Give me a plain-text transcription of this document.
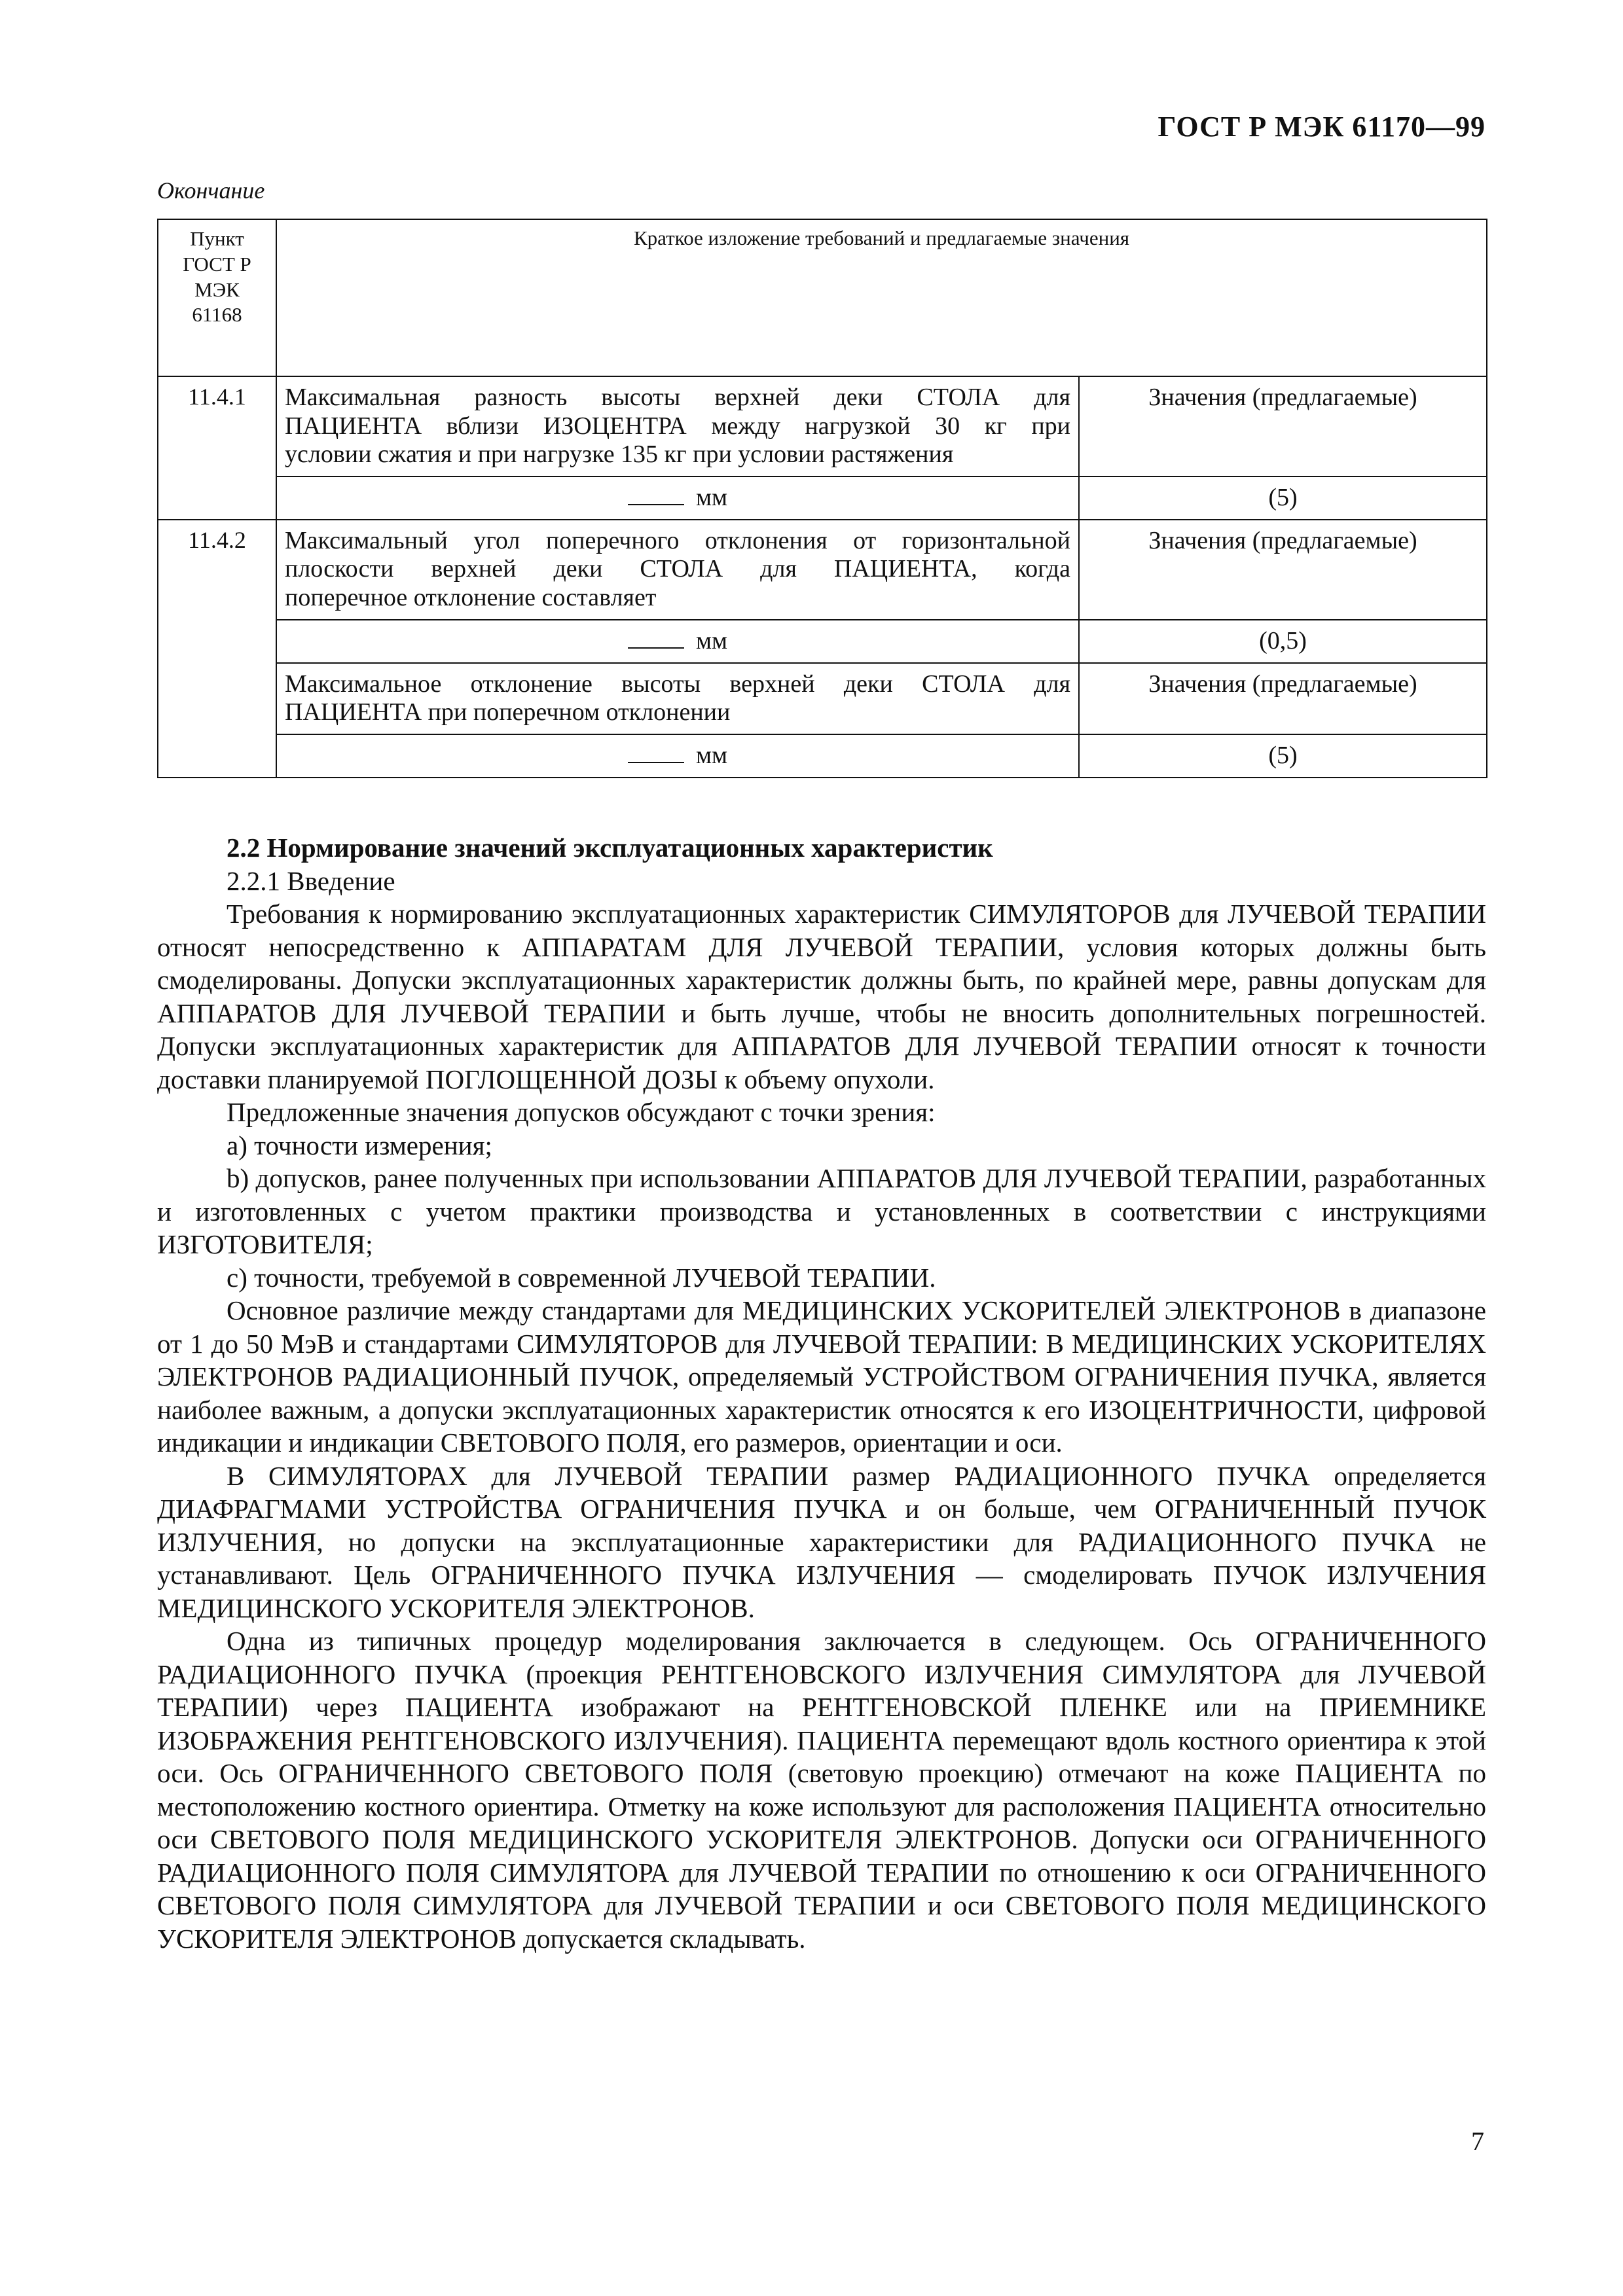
ГОСТ Р МЭК 61170—99
Окончание
Пункт
ГОСТ Р
МЭК
61168	Краткое изложение требований и предлагаемые значения	
11.4.1	Максимальная разность высоты верхней деки СТОЛА для
ПАЦИЕНТА вблизи ИЗОЦЕНТРА между нагрузкой 30 кг при
условии сжатия и при нагрузке 135 кг при условии растяжения	Значения (предлагаемые)
	мм	(5)
11.4.2	Максимальный угол поперечного отклонения от горизонтальной
плоскости верхней деки СТОЛА для ПАЦИЕНТА, когда
поперечное отклонение составляет	Значения (предлагаемые)
	мм	(0,5)

	Максимальное отклонение высоты верхней деки СТОЛА для
ПАЦИЕНТА при поперечном отклонении	Значения (предлагаемые)
	мм	(5)

2.2 Нормирование значений эксплуатационных характеристик

2.2.1 Введение

Требования к нормированию эксплуатационных характеристик СИМУЛЯТОРОВ для ЛУЧЕВОЙ ТЕРАПИИ относят непосредственно к АППАРАТАМ ДЛЯ ЛУЧЕВОЙ ТЕРАПИИ, условия которых должны быть смоделированы. Допуски эксплуатационных характеристик должны быть, по крайней мере, равны допускам для АППАРАТОВ ДЛЯ ЛУЧЕВОЙ ТЕРАПИИ и быть лучше, чтобы не вносить дополнительных погрешностей. Допуски эксплуатационных характеристик для АППАРАТОВ ДЛЯ ЛУЧЕВОЙ ТЕРАПИИ относят к точности доставки планируемой ПОГЛОЩЕННОЙ ДОЗЫ к объему опухоли.

Предложенные значения допусков обсуждают с точки зрения:

a) точности измерения;

b) допусков, ранее полученных при использовании АППАРАТОВ ДЛЯ ЛУЧЕВОЙ ТЕРАПИИ, разработанных и изготовленных с учетом практики производства и установленных в соответствии с инструкциями ИЗГОТОВИТЕЛЯ;

c) точности, требуемой в современной ЛУЧЕВОЙ ТЕРАПИИ.

Основное различие между стандартами для МЕДИЦИНСКИХ УСКОРИТЕЛЕЙ ЭЛЕКТРОНОВ в диапазоне от 1 до 50 МэВ и стандартами СИМУЛЯТОРОВ для ЛУЧЕВОЙ ТЕРАПИИ: В МЕДИЦИНСКИХ УСКОРИТЕЛЯХ ЭЛЕКТРОНОВ РАДИАЦИОННЫЙ ПУЧОК, определяемый УСТРОЙСТВОМ ОГРАНИЧЕНИЯ ПУЧКА, является наиболее важным, а допуски эксплуатационных характеристик относятся к его ИЗОЦЕНТРИЧНОСТИ, цифровой индикации и индикации СВЕТОВОГО ПОЛЯ, его размеров, ориентации и оси.

В СИМУЛЯТОРАХ для ЛУЧЕВОЙ ТЕРАПИИ размер РАДИАЦИОННОГО ПУЧКА определяется ДИАФРАГМАМИ УСТРОЙСТВА ОГРАНИЧЕНИЯ ПУЧКА и он больше, чем ОГРАНИЧЕННЫЙ ПУЧОК ИЗЛУЧЕНИЯ, но допуски на эксплуатационные характеристики для РАДИАЦИОННОГО ПУЧКА не устанавливают. Цель ОГРАНИЧЕННОГО ПУЧКА ИЗЛУЧЕНИЯ — смоделировать ПУЧОК ИЗЛУЧЕНИЯ МЕДИЦИНСКОГО УСКОРИТЕЛЯ ЭЛЕКТРОНОВ.

Одна из типичных процедур моделирования заключается в следующем. Ось ОГРАНИЧЕННОГО РАДИАЦИОННОГО ПУЧКА (проекция РЕНТГЕНОВСКОГО ИЗЛУЧЕНИЯ СИМУЛЯТОРА для ЛУЧЕВОЙ ТЕРАПИИ) через ПАЦИЕНТА изображают на РЕНТГЕНОВСКОЙ ПЛЕНКЕ или на ПРИЕМНИКЕ ИЗОБРАЖЕНИЯ РЕНТГЕНОВСКОГО ИЗЛУЧЕНИЯ). ПАЦИЕНТА перемещают вдоль костного ориентира к этой оси. Ось ОГРАНИЧЕННОГО СВЕТОВОГО ПОЛЯ (световую проекцию) отмечают на коже ПАЦИЕНТА по местоположению костного ориентира. Отметку на коже используют для расположения ПАЦИЕНТА относительно оси СВЕТОВОГО ПОЛЯ МЕДИЦИНСКОГО УСКОРИТЕЛЯ ЭЛЕКТРОНОВ. Допуски оси ОГРАНИЧЕННОГО РАДИАЦИОННОГО ПОЛЯ СИМУЛЯТОРА для ЛУЧЕВОЙ ТЕРАПИИ по отношению к оси ОГРАНИЧЕННОГО СВЕТОВОГО ПОЛЯ СИМУЛЯТОРА для ЛУЧЕВОЙ ТЕРАПИИ и оси СВЕТОВОГО ПОЛЯ МЕДИЦИНСКОГО УСКОРИТЕЛЯ ЭЛЕКТРОНОВ допускается складывать.

7
